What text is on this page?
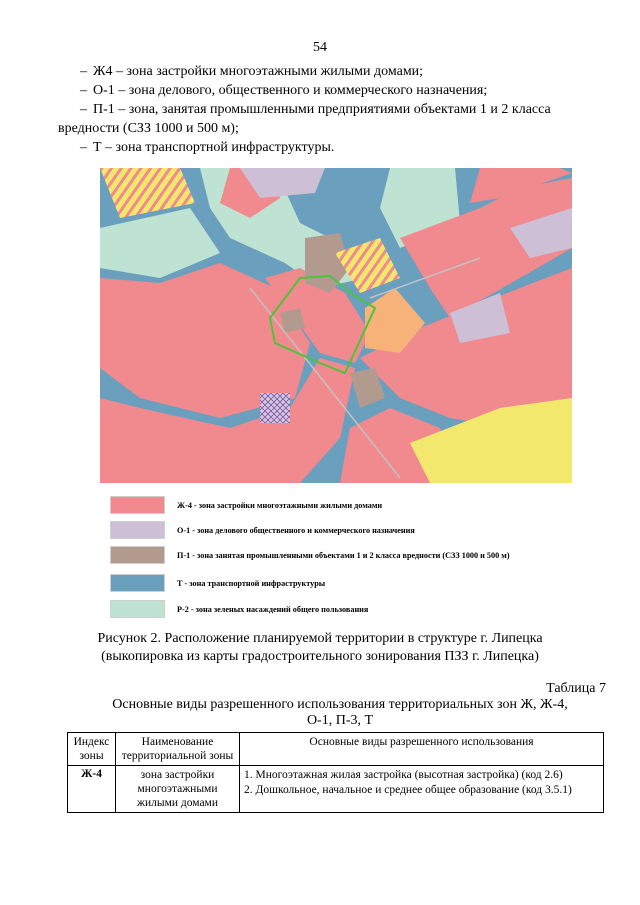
54
– Ж4 – зона застройки многоэтажными жилыми домами;
– О-1 – зона делового, общественного и коммерческого назначения;
– П-1 – зона, занятая промышленными предприятиями объектами 1 и 2 класса
вредности (СЗЗ 1000 и 500 м);
– Т – зона транспортной инфраструктуры.
Ж-4 - зона застройки многоэтажными жилыми домами
О-1 - зона делового общественного и коммерческого назначения
П-1 - зона занятая промышленными объектами 1 и 2 класса вредности (СЗЗ 1000 и 500 м)
Т - зона транспортной инфраструктуры
Р-2 - зона зеленых насаждений общего пользования
Рисунок 2. Расположение планируемой территории в структуре г. Липецка
(выкопировка из карты градостроительного зонирования ПЗЗ г. Липецка)
Таблица 7
Основные виды разрешенного использования территориальных зон Ж, Ж-4,
О-1, П-3, Т
Индекс зоны	Наименование территориальной зоны	Основные виды разрешенного использования
Ж-4	зона застройки многоэтажными жилыми домами	1. Многоэтажная жилая застройка (высотная застройка) (код 2.6)
2. Дошкольное, начальное и среднее общее образование (код 3.5.1)
